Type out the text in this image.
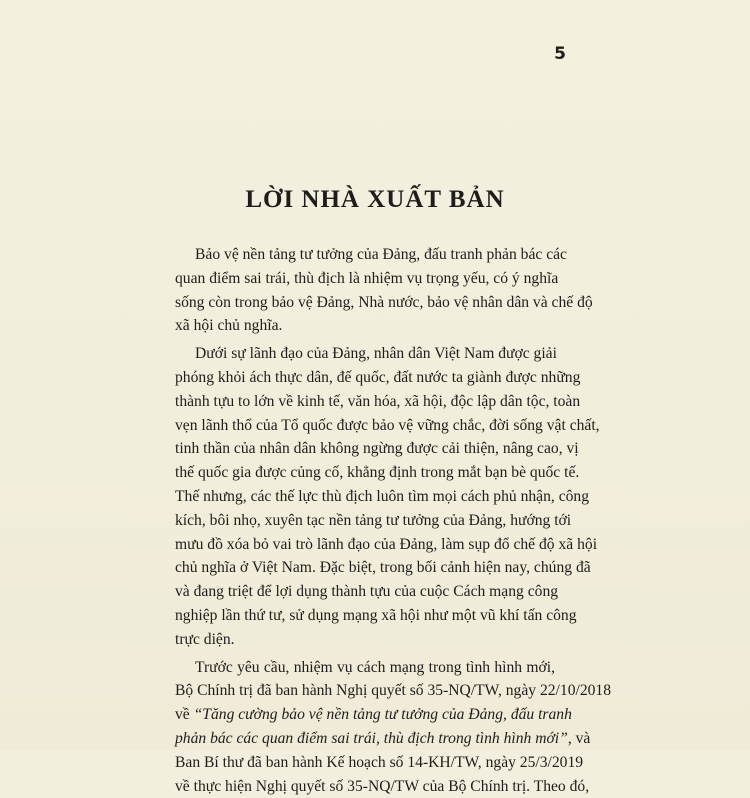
5
LỜI NHÀ XUẤT BẢN
Bảo vệ nền tảng tư tưởng của Đảng, đấu tranh phản bác các
quan điểm sai trái, thù địch là nhiệm vụ trọng yếu, có ý nghĩa
sống còn trong bảo vệ Đảng, Nhà nước, bảo vệ nhân dân và chế độ
xã hội chủ nghĩa.
Dưới sự lãnh đạo của Đảng, nhân dân Việt Nam được giải
phóng khỏi ách thực dân, đế quốc, đất nước ta giành được những
thành tựu to lớn về kinh tế, văn hóa, xã hội, độc lập dân tộc, toàn
vẹn lãnh thổ của Tổ quốc được bảo vệ vững chắc, đời sống vật chất,
tinh thần của nhân dân không ngừng được cải thiện, nâng cao, vị
thế quốc gia được củng cố, khẳng định trong mắt bạn bè quốc tế.
Thế nhưng, các thế lực thù địch luôn tìm mọi cách phủ nhận, công
kích, bôi nhọ, xuyên tạc nền tảng tư tưởng của Đảng, hướng tới
mưu đồ xóa bỏ vai trò lãnh đạo của Đảng, làm sụp đổ chế độ xã hội
chủ nghĩa ở Việt Nam. Đặc biệt, trong bối cảnh hiện nay, chúng đã
và đang triệt để lợi dụng thành tựu của cuộc Cách mạng công
nghiệp lần thứ tư, sử dụng mạng xã hội như một vũ khí tấn công
trực diện.
Trước yêu cầu, nhiệm vụ cách mạng trong tình hình mới,
Bộ Chính trị đã ban hành Nghị quyết số 35-NQ/TW, ngày 22/10/2018
về “Tăng cường bảo vệ nền tảng tư tưởng của Đảng, đấu tranh
phản bác các quan điểm sai trái, thù địch trong tình hình mới”, và
Ban Bí thư đã ban hành Kế hoạch số 14-KH/TW, ngày 25/3/2019
về thực hiện Nghị quyết số 35-NQ/TW của Bộ Chính trị. Theo đó,
